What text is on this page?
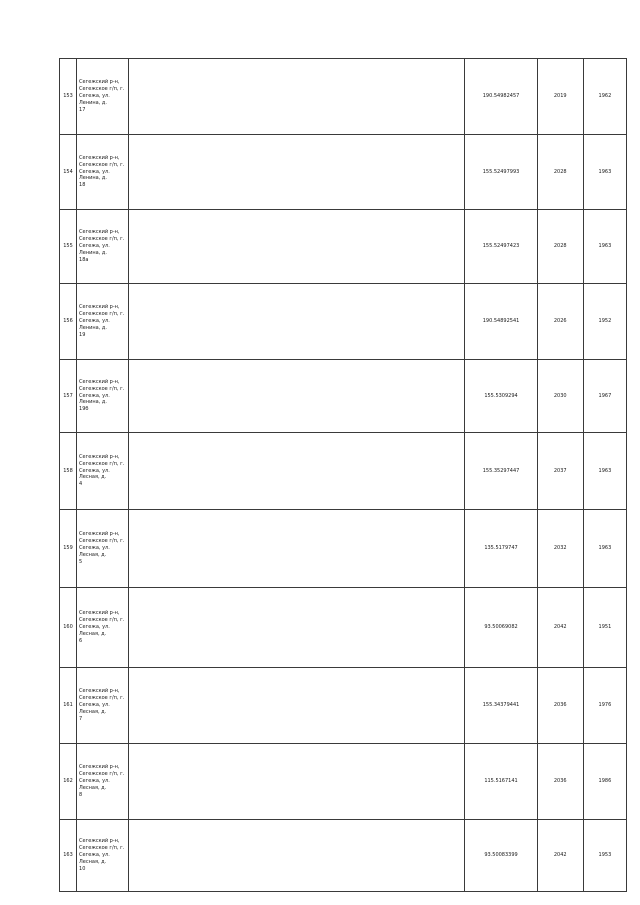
153	Сегежский р-н,
Сегежское г/п, г.
Сегежа, ул. Ленина, д.
17		190.54982457	2019	1962
154	Сегежский р-н,
Сегежское г/п, г.
Сегежа, ул. Ленина, д.
18		155.52497993	2028	1963
155	Сегежский р-н,
Сегежское г/п, г.
Сегежа, ул. Ленина, д.
18а		155.52497423	2028	1963
156	Сегежский р-н,
Сегежское г/п, г.
Сегежа, ул. Ленина, д.
19		190.54892541	2026	1952
157	Сегежский р-н,
Сегежское г/п, г.
Сегежа, ул. Ленина, д.
19б		155.5309294	2030	1967
158	Сегежский р-н,
Сегежское г/п, г.
Сегежа, ул. Лесная, д.
4		155.35297447	2037	1963
159	Сегежский р-н,
Сегежское г/п, г.
Сегежа, ул. Лесная, д.
5		135.5179747	2032	1963
160	Сегежский р-н,
Сегежское г/п, г.
Сегежа, ул. Лесная, д.
6		93.50069082	2042	1951
161	Сегежский р-н,
Сегежское г/п, г.
Сегежа, ул. Лесная, д.
7		155.34379441	2036	1976
162	Сегежский р-н,
Сегежское г/п, г.
Сегежа, ул. Лесная, д.
8		115.5167141	2036	1986
163	Сегежский р-н,
Сегежское г/п, г.
Сегежа, ул. Лесная, д.
10		93.50083399	2042	1953
